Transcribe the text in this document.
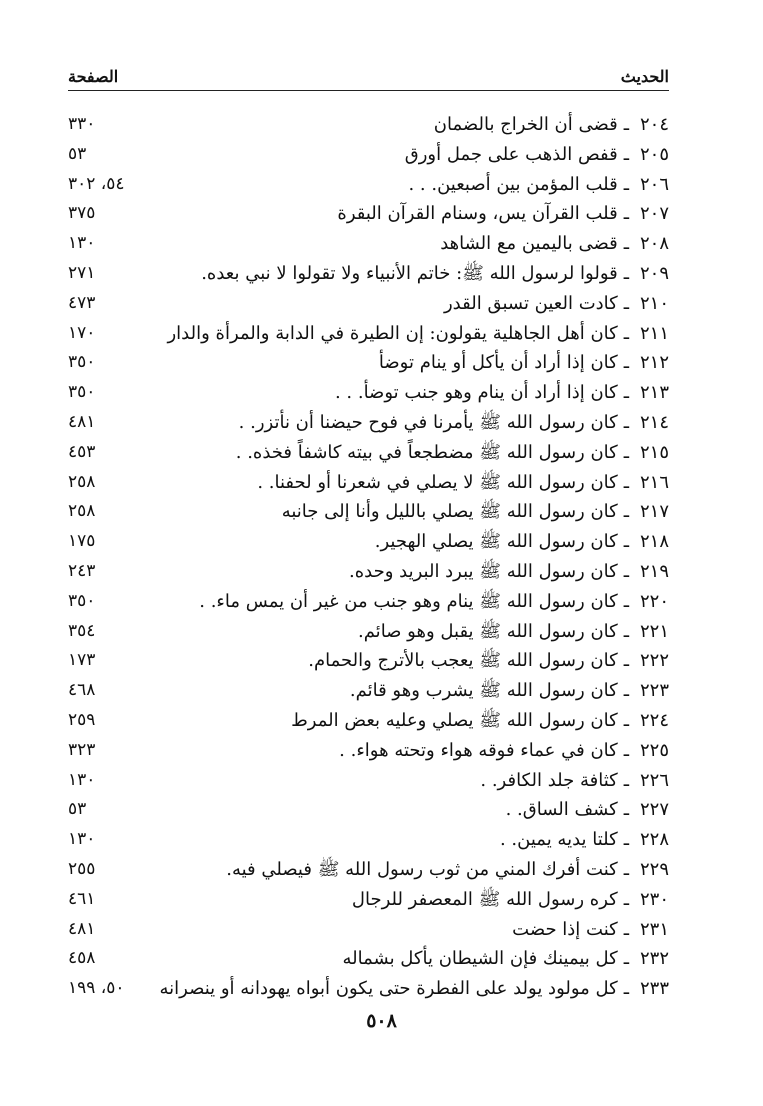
الحديث
الصفحة
٢٠٤
ـ
قضى أن الخراج بالضمان
٣٣٠
٢٠٥
ـ
قفص الذهب على جمل أورق
٥٣
٢٠٦
ـ
قلب المؤمن بين أصبعين. . .
٥٤، ٣٠٢
٢٠٧
ـ
قلب القرآن يس، وسنام القرآن البقرة
٣٧٥
٢٠٨
ـ
قضى باليمين مع الشاهد
١٣٠
٢٠٩
ـ
قولوا لرسول الله ﷺ: خاتم الأنبياء ولا تقولوا لا نبي بعده.
٢٧١
٢١٠
ـ
كادت العين تسبق القدر
٤٧٣
٢١١
ـ
كان أهل الجاهلية يقولون: إن الطيرة في الدابة والمرأة والدار
١٧٠
٢١٢
ـ
كان إذا أراد أن يأكل أو ينام توضأ
٣٥٠
٢١٣
ـ
كان إذا أراد أن ينام وهو جنب توضأ. . .
٣٥٠
٢١٤
ـ
كان رسول الله ﷺ يأمرنا في فوح حيضنا أن نأتزر. .
٤٨١
٢١٥
ـ
كان رسول الله ﷺ مضطجعاً في بيته كاشفاً فخذه. .
٤٥٣
٢١٦
ـ
كان رسول الله ﷺ لا يصلي في شعرنا أو لحفنا. .
٢٥٨
٢١٧
ـ
كان رسول الله ﷺ يصلي بالليل وأنا إلى جانبه
٢٥٨
٢١٨
ـ
كان رسول الله ﷺ يصلي الهجير.
١٧٥
٢١٩
ـ
كان رسول الله ﷺ يبرد البريد وحده.
٢٤٣
٢٢٠
ـ
كان رسول الله ﷺ ينام وهو جنب من غير أن يمس ماء. .
٣٥٠
٢٢١
ـ
كان رسول الله ﷺ يقبل وهو صائم.
٣٥٤
٢٢٢
ـ
كان رسول الله ﷺ يعجب بالأترج والحمام.
١٧٣
٢٢٣
ـ
كان رسول الله ﷺ يشرب وهو قائم.
٤٦٨
٢٢٤
ـ
كان رسول الله ﷺ يصلي وعليه بعض المرط
٢٥٩
٢٢٥
ـ
كان في عماء فوقه هواء وتحته هواء. .
٣٢٣
٢٢٦
ـ
كثافة جلد الكافر. .
١٣٠
٢٢٧
ـ
كشف الساق. .
٥٣
٢٢٨
ـ
كلتا يديه يمين. .
١٣٠
٢٢٩
ـ
كنت أفرك المني من ثوب رسول الله ﷺ فيصلي فيه.
٢٥٥
٢٣٠
ـ
كره رسول الله ﷺ المعصفر للرجال
٤٦١
٢٣١
ـ
كنت إذا حضت
٤٨١
٢٣٢
ـ
كل بيمينك فإن الشيطان يأكل بشماله
٤٥٨
٢٣٣
ـ
كل مولود يولد على الفطرة حتى يكون أبواه يهودانه أو ينصرانه
٥٠، ١٩٩
٥٠٨
